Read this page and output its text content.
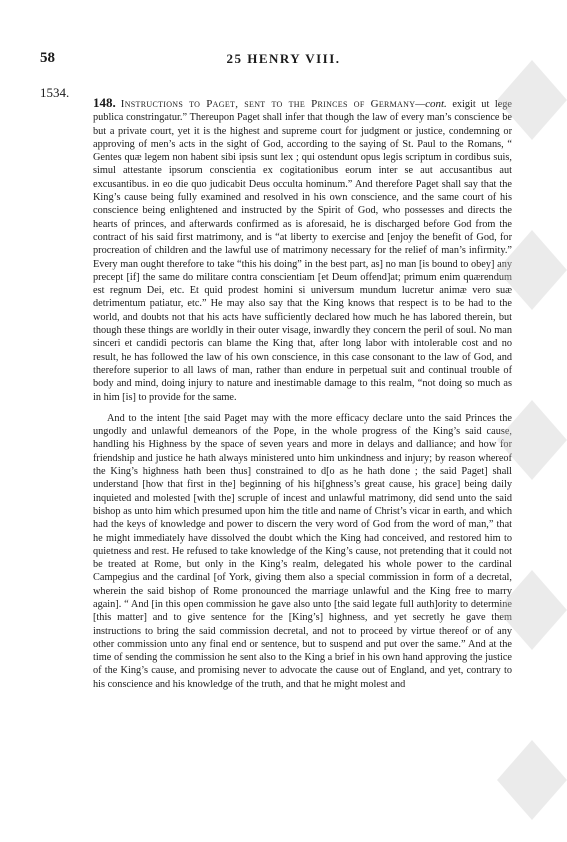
58	25 HENRY VIII.
1534.

148. Instructions to Paget, sent to the Princes of Germany—cont. exigit ut lege publica constringatur.” Thereupon Paget shall infer that though the law of every man’s conscience be but a private court, yet it is the highest and supreme court for judgment or justice, condemning or approving of men’s acts in the sight of God, according to the saying of St. Paul to the Romans, “ Gentes quæ legem non habent sibi ipsis sunt lex ; qui ostendunt opus legis scriptum in cordibus suis, simul attestante ipsorum conscientia ex cogitationibus eorum inter se aut accusantibus aut excusantibus. in eo die quo judicabit Deus occulta hominum.” And therefore Paget shall say that the King’s cause being fully examined and resolved in his own conscience, and the same court of his conscience being enlightened and instructed by the Spirit of God, who possesses and directs the hearts of princes, and afterwards confirmed as is aforesaid, he is discharged before God from the contract of his said first matrimony, and is “at liberty to exercise and [enjoy the benefit of God, for procreation of children and the lawful use of matrimony necessary for the relief of man’s infirmity.” Every man ought therefore to take “this his doing” in the best part, as] no man [is bound to obey] any precept [if] the same do militare contra conscientiam [et Deum offend]at; primum enim quærendum est regnum Dei, etc. Et quid prodest homini si universum mundum lucretur animæ vero suæ detrimentum patiatur, etc.” He may also say that the King knows that respect is to be had to the world, and doubts not that his acts have sufficiently declared how much he has labored therein, but though these things are worldly in their outer visage, inwardly they concern the peril of soul. No man sinceri et candidi pectoris can blame the King that, after long labor with intolerable cost and no result, he has followed the law of his own conscience, in this case consonant to the law of God, and therefore superior to all laws of man, rather than endure in perpetual suit and continual trouble of body and mind, doing injury to nature and inestimable damage to this realm, “not doing so much as in him [is] to provide for the same.

And to the intent [the said Paget may with the more efficacy declare unto the said Princes the ungodly and unlawful demeanors of the Pope, in the whole progress of the King’s said cause, handling his Highness by the space of seven years and more in delays and dalliance; and how for friendship and justice he hath always ministered unto him unkindness and injury; by reason whereof the King’s highness hath been thus] constrained to d[o as he hath done ; the said Paget] shall understand [how that first in the] beginning of his hi[ghness’s great cause, his grace] being daily inquieted and molested [with the] scruple of incest and unlawful matrimony, did send unto the said bishop as unto him which presumed upon him the title and name of Christ’s vicar in earth, and which had the keys of knowledge and power to discern the very word of God from the word of man,” that he might immediately have dissolved the doubt which the King had conceived, and restored him to quietness and rest. He refused to take knowledge of the King’s cause, not pretending that it could not be treated at Rome, but only in the King’s realm, delegated his whole power to the cardinal Campegius and the cardinal [of York, giving them also a special commission in form of a decretal, wherein the said bishop of Rome pronounced the marriage unlawful and the King free to marry again]. “ And [in this open commission he gave also unto [the said legate full auth]ority to determine [this matter] and to give sentence for the [King’s] highness, and yet secretly he gave them instructions to bring the said commission decretal, and not to proceed by virtue thereof or of any other commission unto any final end or sentence, but to suspend and put over the same.” And at the time of sending the commission he sent also to the King a brief in his own hand approving the justice of the King’s cause, and promising never to advocate the cause out of England, and yet, contrary to his conscience and his knowledge of the truth, and that he might molest and
